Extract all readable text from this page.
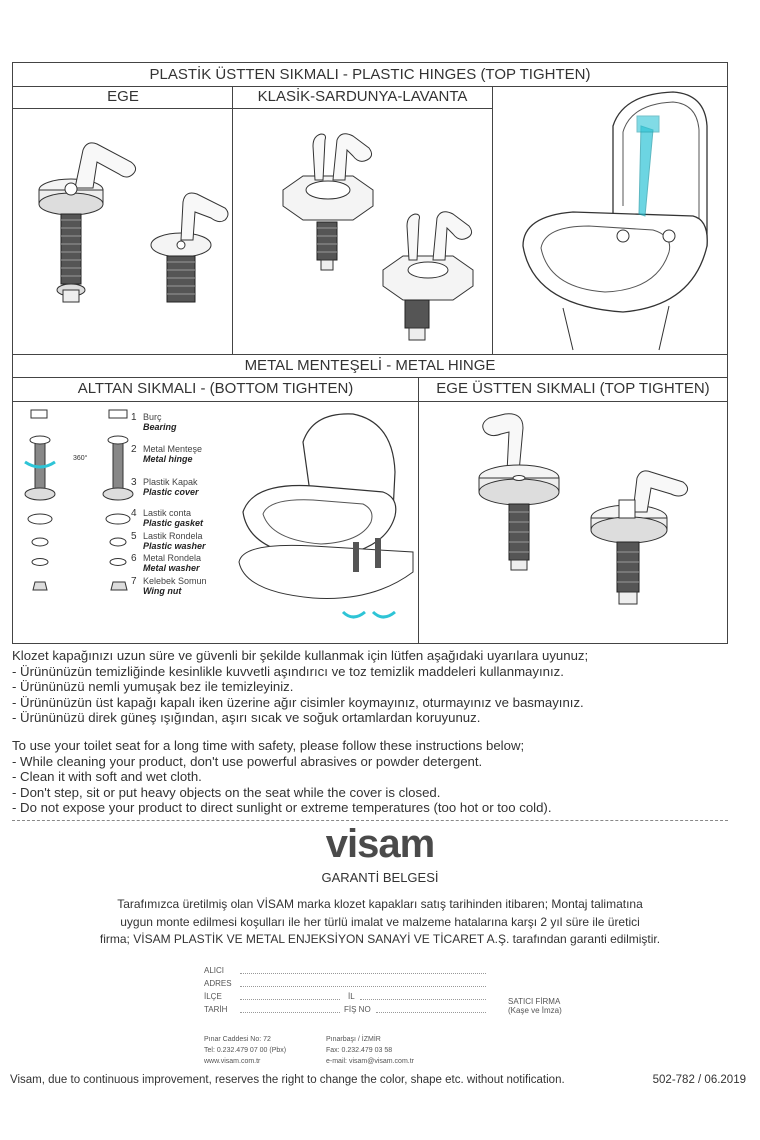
PLASTİK ÜSTTEN SIKMALI - PLASTIC HINGES (TOP TIGHTEN)
EGE	KLASİK-SARDUNYA-LAVANTA
METAL MENTEŞELİ - METAL HINGE
ALTTAN SIKMALI - (BOTTOM TIGHTEN)
360°
1 Burç
Bearing
2 Metal Menteşe
Metal hinge
3 Plastik Kapak
Plastic cover
4 Lastik conta
Plastic gasket
5 Lastik Rondela
Plastic washer
6 Metal Rondela
Metal washer
7 Kelebek Somun
Wing nut
EGE ÜSTTEN SIKMALI (TOP TIGHTEN)
Klozet kapağınızı uzun süre ve güvenli bir şekilde kullanmak için lütfen aşağıdaki uyarılara uyunuz;
- Ürününüzün temizliğinde kesinlikle kuvvetli aşındırıcı ve toz temizlik maddeleri kullanmayınız.
- Ürününüzü nemli yumuşak bez ile temizleyiniz.
- Ürününüzün üst kapağı kapalı iken üzerine ağır cisimler koymayınız, oturmayınız ve basmayınız.
- Ürününüzü direk güneş ışığından, aşırı sıcak ve soğuk ortamlardan koruyunuz.
To use your toilet seat for a long time with safety, please follow these instructions below;
- While cleaning your product, don't use powerful abrasives or powder detergent.
- Clean it with soft and wet cloth.
- Don't step, sit or put heavy objects on the seat while the cover is closed.
- Do not expose your product to direct sunlight or extreme temperatures (too hot or too cold).
visam
GARANTİ BELGESİ
Tarafımızca üretilmiş olan VİSAM marka klozet kapakları satış tarihinden itibaren; Montaj talimatına
uygun monte edilmesi koşulları ile her türlü imalat ve malzeme hatalarına karşı 2 yıl süre ile üretici
firma; VİSAM PLASTİK VE METAL ENJEKSİYON SANAYİ VE TİCARET A.Ş. tarafından garanti edilmiştir.
ALICI
ADRES
İLÇE	İL
TARİH	FİŞ NO
SATICI FİRMA
(Kaşe ve İmza)
Pınar Caddesi No: 72
Tel: 0.232.479 07 00 (Pbx)
www.visam.com.tr
Pınarbaşı / İZMİR
Fax: 0.232.479 03 58
e-mail: visam@visam.com.tr
Visam, due to continuous improvement, reserves the right to change the color, shape etc. without notification.	502-782 / 06.2019
